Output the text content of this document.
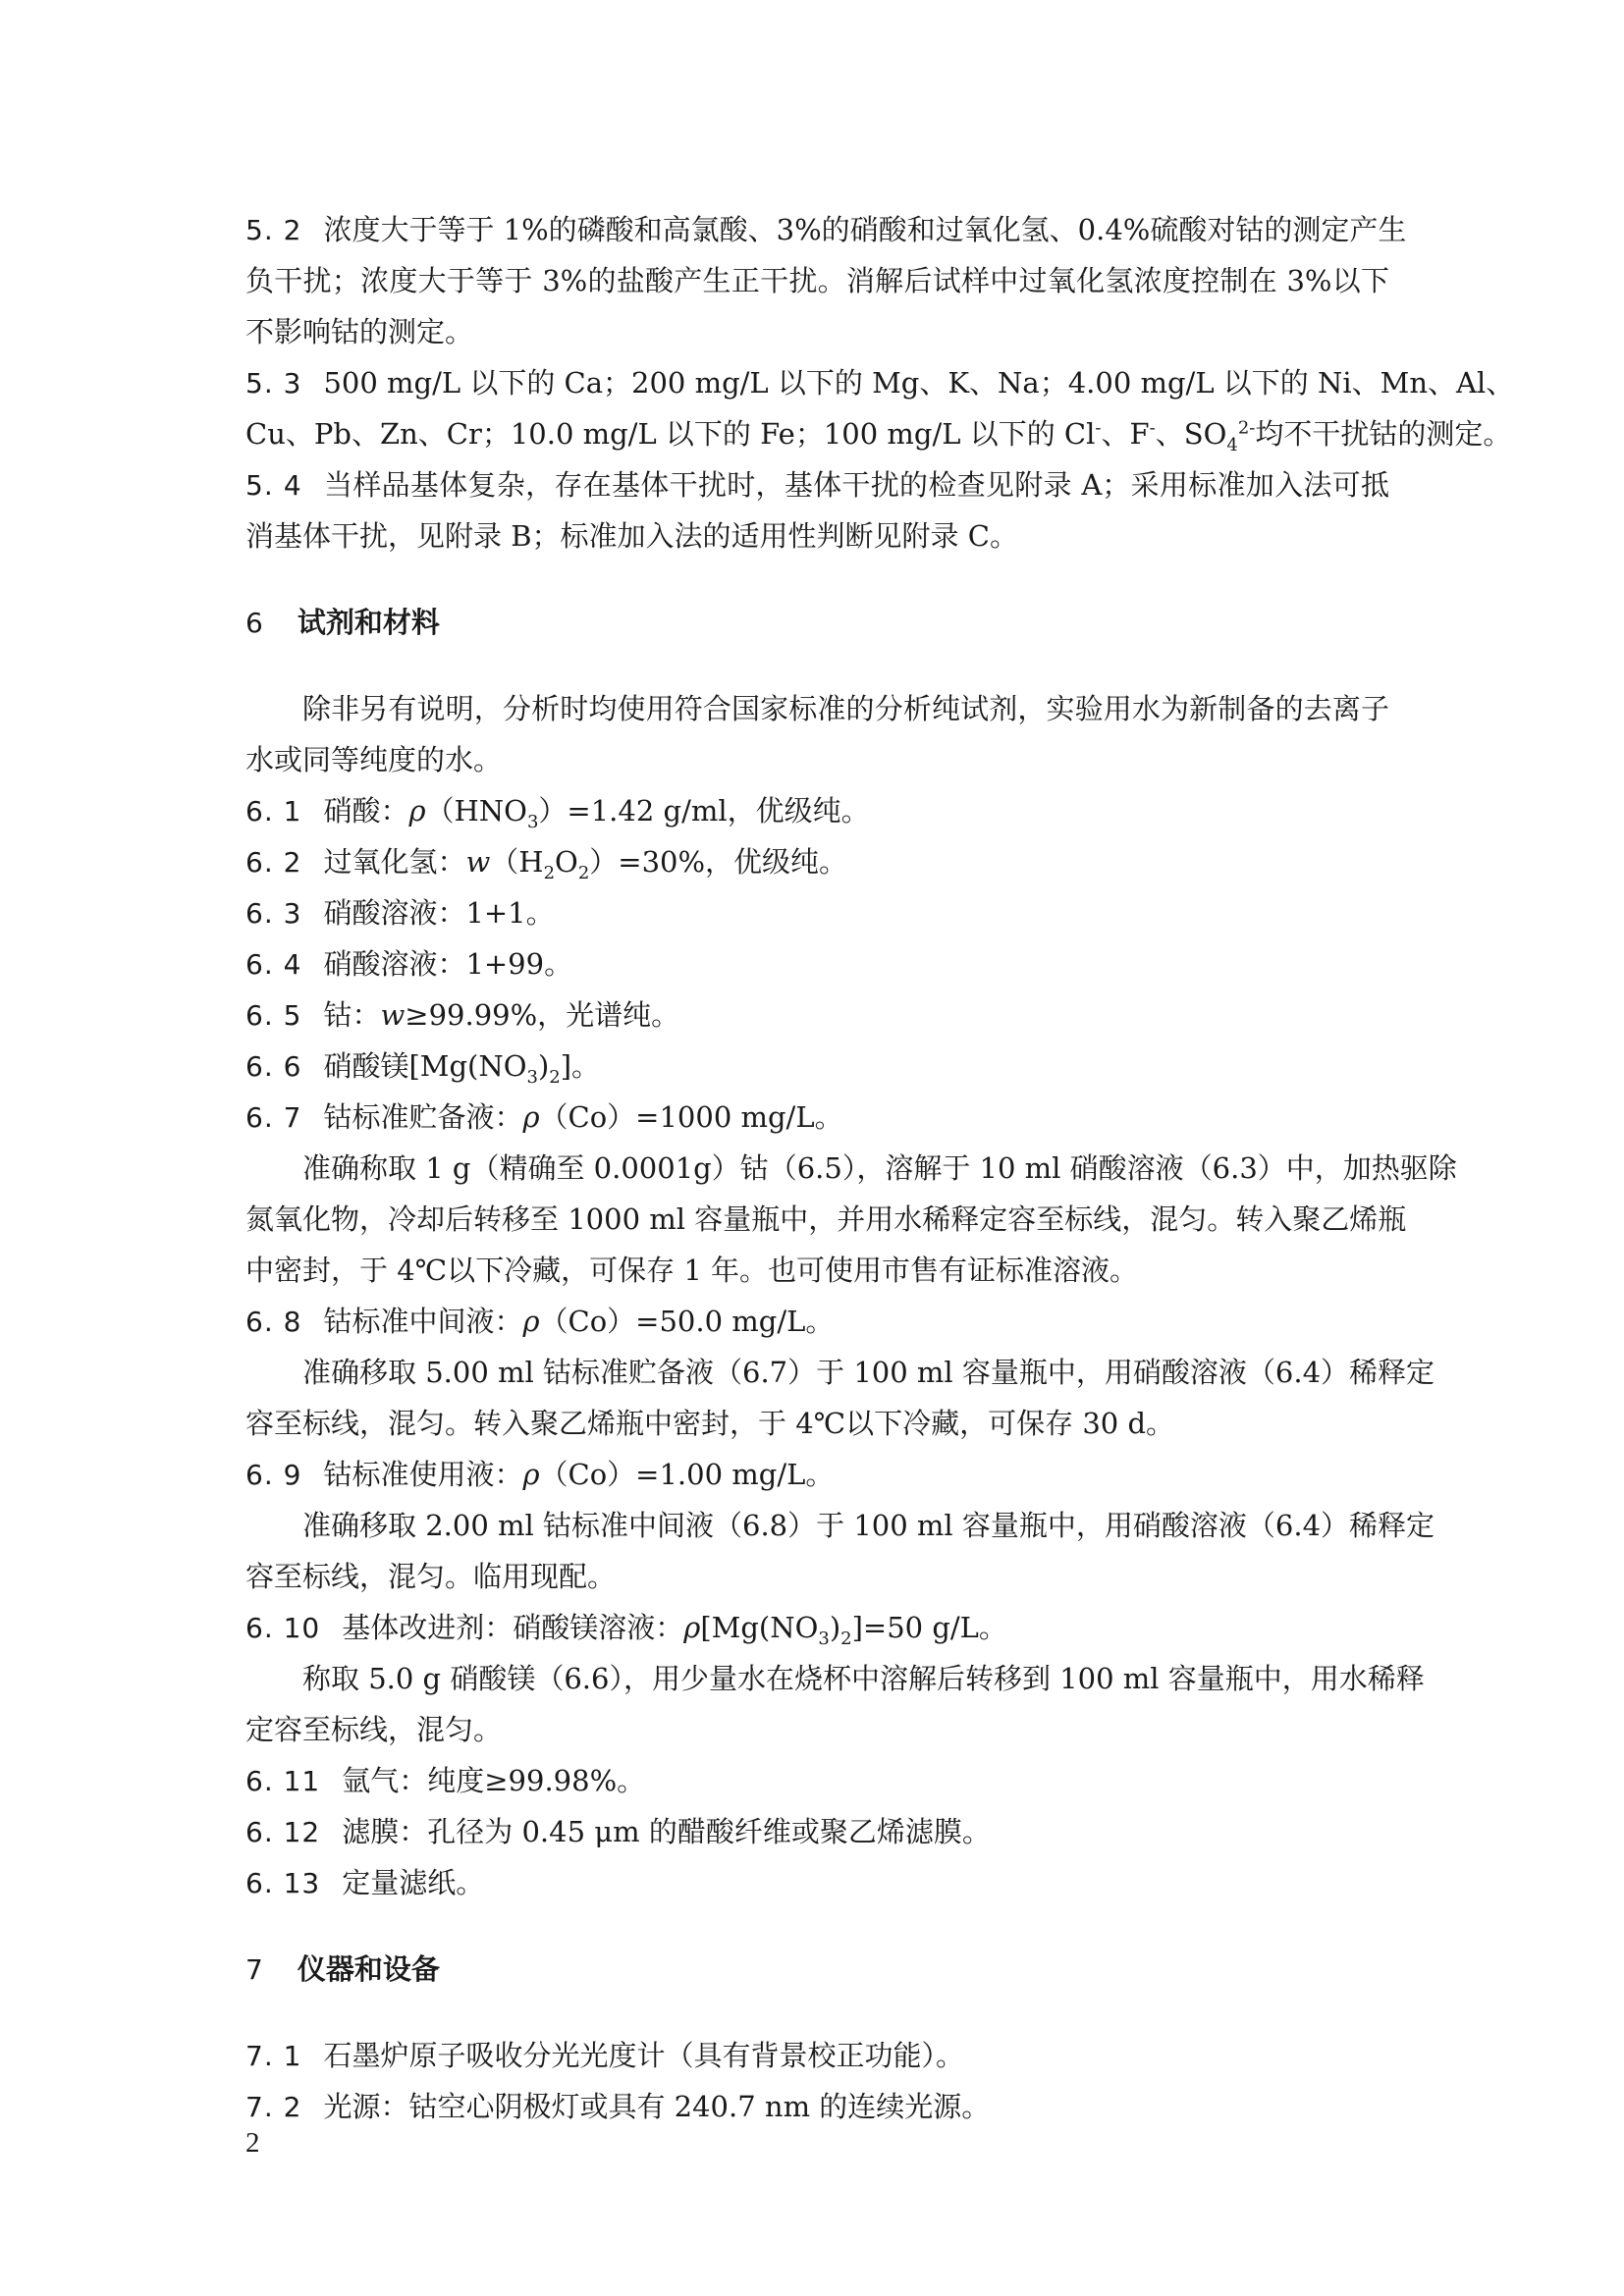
5. 2 浓度大于等于 1%的磷酸和高氯酸、3%的硝酸和过氧化氢、0.4%硫酸对钴的测定产生
负干扰；浓度大于等于 3%的盐酸产生正干扰。消解后试样中过氧化氢浓度控制在 3%以下
不影响钴的测定。
5. 3 500 mg/L 以下的 Ca；200 mg/L 以下的 Mg、K、Na；4.00 mg/L 以下的 Ni、Mn、Al、
Cu、Pb、Zn、Cr；10.0 mg/L 以下的 Fe；100 mg/L 以下的 Cl-、F-、$SO_4^{2-}$均不干扰钴的测定。
5. 4 当样品基体复杂，存在基体干扰时，基体干扰的检查见附录 A；采用标准加入法可抵
消基体干扰，见附录 B；标准加入法的适用性判断见附录 C。
6 试剂和材料
除非另有说明，分析时均使用符合国家标准的分析纯试剂，实验用水为新制备的去离子
水或同等纯度的水。
6. 1 硝酸：$\rho(HNO_3)=1.42$ g/ml，优级纯。
6. 2 过氧化氢：$w(H_2O_2)=30\%$，优级纯。
6. 3 硝酸溶液：1+1。
6. 4 硝酸溶液：1+99。
6. 5 钴：w≥99.99%，光谱纯。
6. 6 硝酸镁$[Mg(NO_3)_2]$。
6. 7 钴标准贮备液：ρ（Co）=1000 mg/L。
准确称取 1 g（精确至 0.0001g）钴（6.5），溶解于 10 ml 硝酸溶液（6.3）中，加热驱除
氮氧化物，冷却后转移至 1000 ml 容量瓶中，并用水稀释定容至标线，混匀。转入聚乙烯瓶
中密封，于 4℃以下冷藏，可保存 1 年。也可使用市售有证标准溶液。
6. 8 钴标准中间液：ρ（Co）=50.0 mg/L。
准确移取 5.00 ml 钴标准贮备液（6.7）于 100 ml 容量瓶中，用硝酸溶液（6.4）稀释定
容至标线，混匀。转入聚乙烯瓶中密封，于 4℃以下冷藏，可保存 30 d。
6. 9 钴标准使用液：ρ（Co）=1.00 mg/L。
准确移取 2.00 ml 钴标准中间液（6.8）于 100 ml 容量瓶中，用硝酸溶液（6.4）稀释定
容至标线，混匀。临用现配。
6. 10 基体改进剂：硝酸镁溶液：$\rho[Mg(NO_3)_2]=50$ g/L。
称取 5.0 g 硝酸镁（6.6），用少量水在烧杯中溶解后转移到 100 ml 容量瓶中，用水稀释
定容至标线，混匀。
6. 11 氩气：纯度≥99.98%。
6. 12 滤膜：孔径为 0.45 μm 的醋酸纤维或聚乙烯滤膜。
6. 13 定量滤纸。
7 仪器和设备
7. 1 石墨炉原子吸收分光光度计（具有背景校正功能）。
7. 2 光源：钴空心阴极灯或具有 240.7 nm 的连续光源。
2
